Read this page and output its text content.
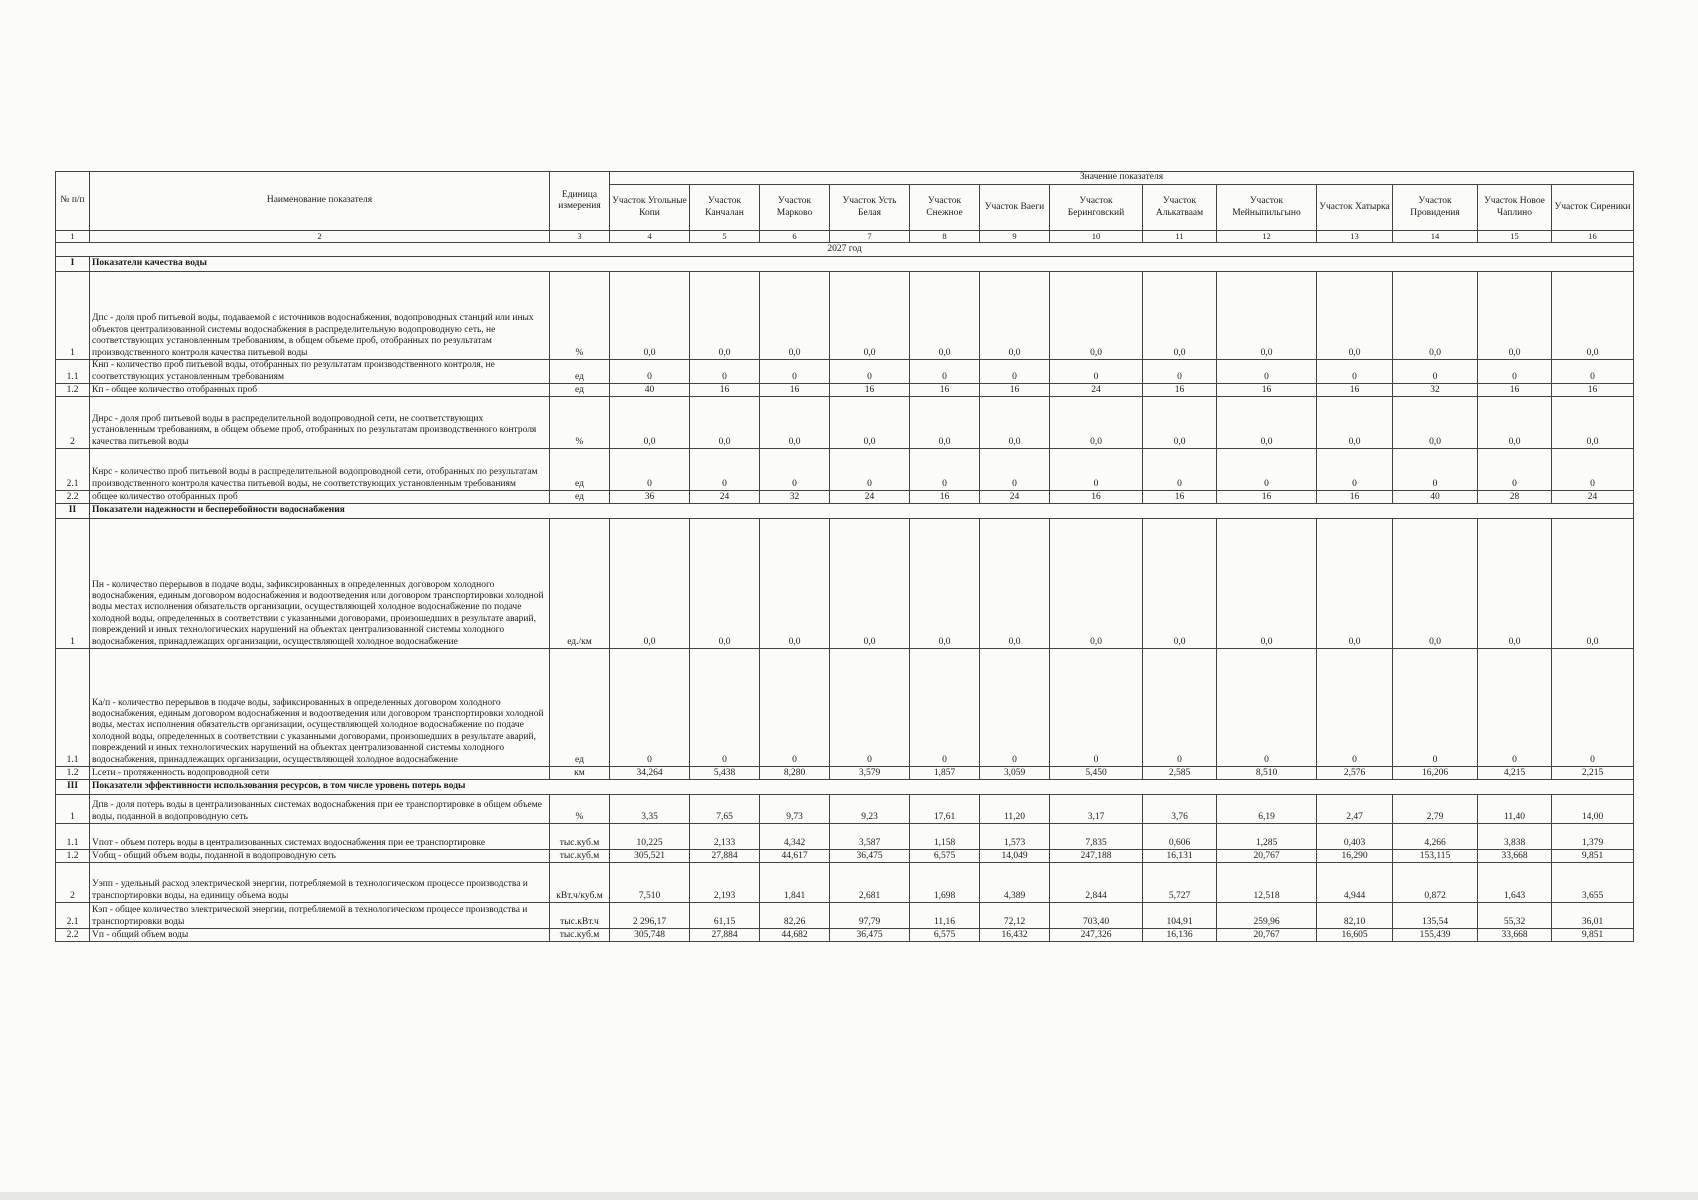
№ п/п	Наименование показателя	Единица измерения	Значение показателя												
			Участок Угольные Копи	Участок Канчалан	Участок Марково	Участок Усть Белая	Участок Снежное	Участок Ваеги	Участок Беринговский	Участок Алькатваам	Участок Мейныпильгыно	Участок Хатырка	Участок Провидения	Участок Новое Чаплино	Участок Сиреники
1	2	3	4	5	6	7	8	9	10	11	12	13	14	15	16
2027 год															
I	Показатели качества воды														
1	Дпс - доля проб питьевой воды, подаваемой с источников водоснабжения, водопроводных станций или иных объектов централизованной системы водоснабжения в распределительную водопроводную сеть, не соответствующих установленным требованиям, в общем объеме проб, отобранных по результатам производственного контроля качества питьевой воды	%	0,0	0,0	0,0	0,0	0,0	0,0	0,0	0,0	0,0	0,0	0,0	0,0	0,0
1.1	Кнп - количество проб питьевой воды, отобранных по результатам производственного контроля, не соответствующих установленным требованиям	ед	0	0	0	0	0	0	0	0	0	0	0	0	0
1.2	Кп - общее количество отобранных проб	ед	40	16	16	16	16	16	24	16	16	16	32	16	16
2	Днрс - доля проб питьевой воды в распределительной водопроводной сети, не соответствующих установленным требованиям, в общем объеме проб, отобранных по результатам производственного контроля качества питьевой воды	%	0,0	0,0	0,0	0,0	0,0	0,0	0,0	0,0	0,0	0,0	0,0	0,0	0,0
2.1	Кнрс - количество проб питьевой воды в распределительной водопроводной сети, отобранных по результатам производственного контроля качества питьевой воды, не соответствующих установленным требованиям	ед	0	0	0	0	0	0	0	0	0	0	0	0	0
2.2	общее количество отобранных проб	ед	36	24	32	24	16	24	16	16	16	16	40	28	24
II	Показатели надежности и бесперебойности водоснабжения														
1	Пн - количество перерывов в подаче воды, зафиксированных в определенных договором холодного водоснабжения, единым договором водоснабжения и водоотведения или договором транспортировки холодной воды местах исполнения обязательств организации, осуществляющей холодное водоснабжение по подаче холодной воды, определенных в соответствии с указанными договорами, произошедших в результате аварий, повреждений и иных технологических нарушений на объектах централизованной системы холодного водоснабжения, принадлежащих организации, осуществляющей холодное водоснабжение	ед./км	0,0	0,0	0,0	0,0	0,0	0,0	0,0	0,0	0,0	0,0	0,0	0,0	0,0
1.1	Ка/п - количество перерывов в подаче воды, зафиксированных в определенных договором холодного водоснабжения, единым договором водоснабжения и водоотведения или договором транспортировки холодной воды, местах исполнения обязательств организации, осуществляющей холодное водоснабжение по подаче холодной воды, определенных в соответствии с указанными договорами, произошедших в результате аварий, повреждений и иных технологических нарушений на объектах централизованной системы холодного водоснабжения, принадлежащих организации, осуществляющей холодное водоснабжение	ед	0	0	0	0	0	0	0	0	0	0	0	0	0
1.2	Lсети - протяженность водопроводной сети	км	34,264	5,438	8,280	3,579	1,857	3,059	5,450	2,585	8,510	2,576	16,206	4,215	2,215
III	Показатели эффективности использования ресурсов, в том числе уровень потерь воды														
1	Дпв - доля потерь воды в централизованных системах водоснабжения при ее транспортировке в общем объеме воды, поданной в водопроводную сеть	%	3,35	7,65	9,73	9,23	17,61	11,20	3,17	3,76	6,19	2,47	2,79	11,40	14,00
1.1	Vпот - объем потерь воды в централизованных системах водоснабжения при ее транспортировке	тыс.куб.м	10,225	2,133	4,342	3,587	1,158	1,573	7,835	0,606	1,285	0,403	4,266	3,838	1,379
1.2	Vобщ - общий объем воды, поданной в водопроводную сеть	тыс.куб.м	305,521	27,884	44,617	36,475	6,575	14,049	247,188	16,131	20,767	16,290	153,115	33,668	9,851
2	Уэпп - удельный расход электрической энергии, потребляемой в технологическом процессе производства и транспортировки воды, на единицу объема воды	кВт.ч/куб.м	7,510	2,193	1,841	2,681	1,698	4,389	2,844	5,727	12,518	4,944	0,872	1,643	3,655
2.1	Кэп - общее количество электрической энергии, потребляемой в технологическом процессе производства и транспортировки воды	тыс.кВт.ч	2 296,17	61,15	82,26	97,79	11,16	72,12	703,40	104,91	259,96	82,10	135,54	55,32	36,01
2.2	Vп - общий объем воды	тыс.куб.м	305,748	27,884	44,682	36,475	6,575	16,432	247,326	16,136	20,767	16,605	155,439	33,668	9,851
